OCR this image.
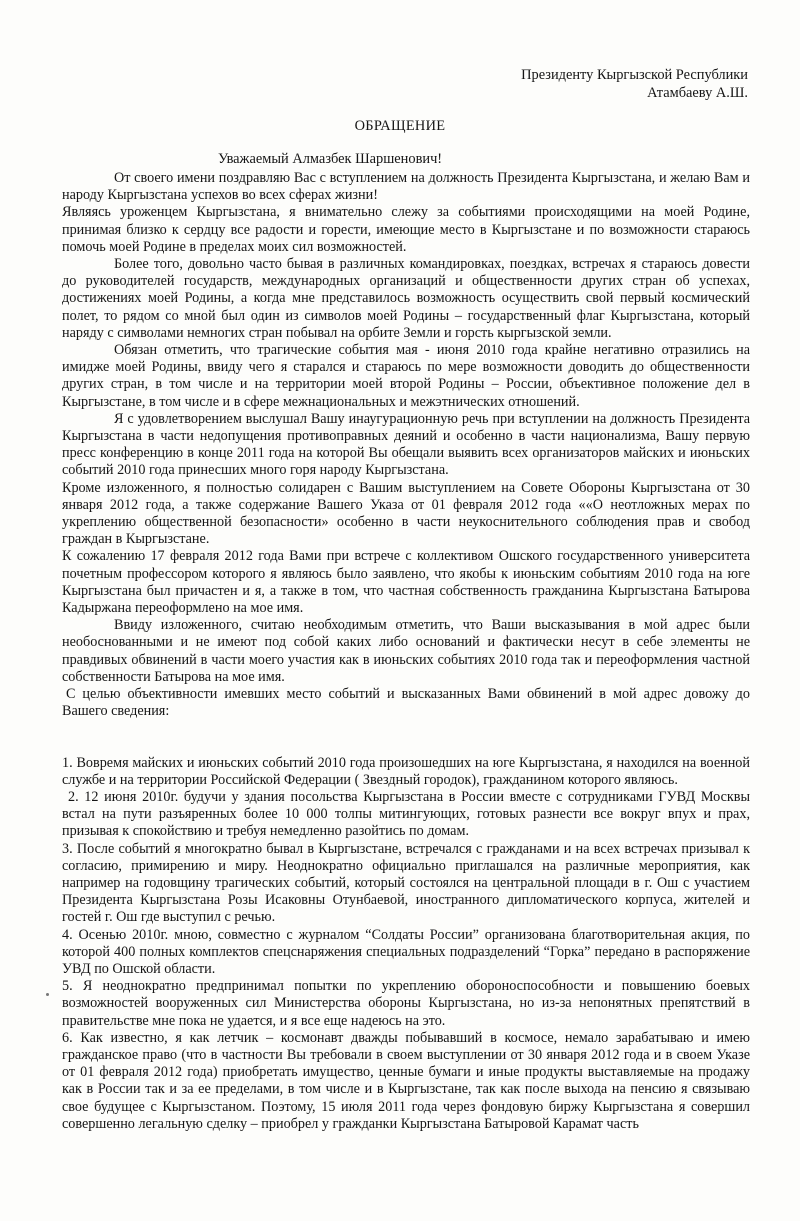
Президенту Кыргызской Республики
Атамбаеву А.Ш.
ОБРАЩЕНИЕ
Уважаемый Алмазбек Шаршенович!

От своего имени поздравляю Вас с вступлением на должность Президента Кыргызстана, и желаю Вам и народу Кыргызстана успехов во всех сферах жизни!

Являясь уроженцем Кыргызстана, я внимательно слежу за событиями происходящими на моей Родине, принимая близко к сердцу все радости и горести, имеющие место в Кыргызстане и по возможности стараюсь помочь моей Родине в пределах моих сил возможностей.

Более того, довольно часто бывая в различных командировках, поездках, встречах я стараюсь довести до руководителей государств, международных организаций и общественности других стран об успехах, достижениях моей Родины, а когда мне представилось возможность осуществить свой первый космический полет, то рядом со мной был один из символов моей Родины – государственный флаг Кыргызстана, который наряду с символами немногих стран побывал на орбите Земли и горсть кыргызской земли.

Обязан отметить, что трагические события мая - июня 2010 года крайне негативно отразились на имидже моей Родины, ввиду чего я старался и стараюсь по мере возможности доводить до общественности других стран, в том числе и на территории моей второй Родины – России, объективное положение дел в Кыргызстане, в том числе и в сфере межнациональных и межэтнических отношений.

Я с удовлетворением выслушал Вашу инаугурационную речь при вступлении на должность Президента Кыргызстана в части недопущения противоправных деяний и особенно в части национализма, Вашу первую пресс конференцию в конце 2011 года на которой Вы обещали выявить всех организаторов майских и июньских событий 2010 года принесших много горя народу Кыргызстана.

Кроме изложенного, я полностью солидарен с Вашим выступлением на Совете Обороны Кыргызстана от 30 января 2012 года, а также содержание Вашего Указа от 01 февраля 2012 года ««О неотложных мерах по укреплению общественной безопасности» особенно в части неукоснительного соблюдения прав и свобод граждан в Кыргызстане.

К сожалению 17 февраля 2012 года Вами при встрече с коллективом Ошского государственного университета почетным профессором которого я являюсь было заявлено, что якобы к июньским событиям 2010 года на юге Кыргызстана был причастен и я, а также в том, что частная собственность гражданина Кыргызстана Батырова Кадыржана переоформлено на мое имя.

Ввиду изложенного, считаю необходимым отметить, что Ваши высказывания в мой адрес были необоснованными и не имеют под собой каких либо оснований и фактически несут в себе элементы не правдивых обвинений в части моего участия как в июньских событиях 2010 года так и переоформления частной собственности Батырова на мое имя.

С целью объективности имевших место событий и высказанных Вами обвинений в мой адрес довожу до Вашего сведения:

1. Вовремя майских и июньских событий 2010 года произошедших на юге Кыргызстана, я находился на военной службе и на территории Российской Федерации ( Звездный городок), гражданином которого являюсь.

2. 12 июня 2010г. будучи у здания посольства Кыргызстана в России вместе с сотрудниками ГУВД Москвы встал на пути разъяренных более 10 000 толпы митингующих, готовых разнести все вокруг впух и прах, призывая к спокойствию и требуя немедленно разойтись по домам.

3. После событий я многократно бывал в Кыргызстане, встречался с гражданами и на всех встречах призывал к согласию, примирению и миру. Неоднократно официально приглашался на различные мероприятия, как например на годовщину трагических событий, который состоялся на центральной площади в г. Ош с участием Президента Кыргызстана Розы Исаковны Отунбаевой, иностранного дипломатического корпуса, жителей и гостей г. Ош где выступил с речью.

4. Осенью 2010г. мною, совместно с журналом “Солдаты России” организована благотворительная акция, по которой 400 полных комплектов спецснаряжения специальных подразделений “Горка” передано в распоряжение УВД по Ошской области.

5. Я неоднократно предпринимал попытки по укреплению обороноспособности и повышению боевых возможностей вооруженных сил Министерства обороны Кыргызстана, но из-за непонятных препятствий в правительстве мне пока не удается, и я все еще надеюсь на это.

6. Как известно, я как летчик – космонавт дважды побывавший в космосе, немало зарабатываю и имею гражданское право (что в частности Вы требовали в своем выступлении от 30 января 2012 года и в своем Указе от 01 февраля 2012 года) приобретать имущество, ценные бумаги и иные продукты выставляемые на продажу как в России так и за ее пределами, в том числе и в Кыргызстане, так как после выхода на пенсию я связываю свое будущее с Кыргызстаном. Поэтому, 15 июля 2011 года через фондовую биржу Кыргызстана я совершил совершенно легальную сделку – приобрел у гражданки Кыргызстана Батыровой Карамат часть
